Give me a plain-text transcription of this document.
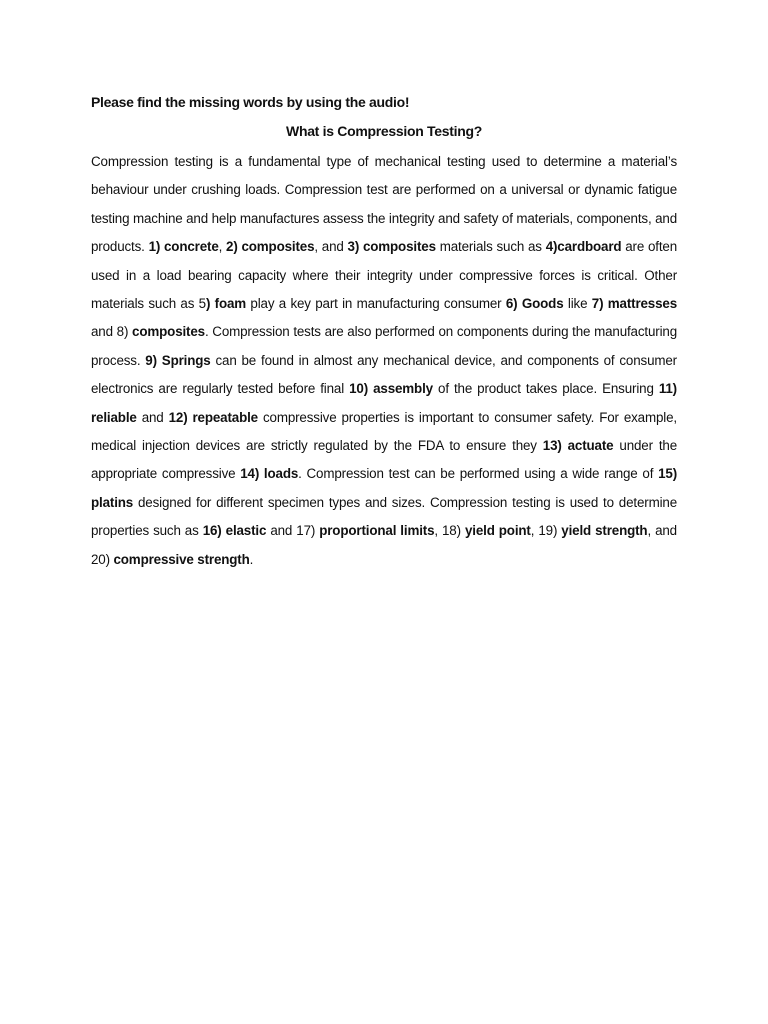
Please find the missing words by using the audio!

What is Compression Testing?

Compression testing is a fundamental type of mechanical testing used to determine a material’s behaviour under crushing loads. Compression test are performed on a universal or dynamic fatigue testing machine and help manufactures assess the integrity and safety of materials, components, and products. 1) concrete, 2) composites, and 3) composites materials such as 4)cardboard are often used in a load bearing capacity where their integrity under compressive forces is critical. Other materials such as 5) foam play a key part in manufacturing consumer 6) Goods like 7) mattresses and 8) composites. Compression tests are also performed on components during the manufacturing process. 9) Springs can be found in almost any mechanical device, and components of consumer electronics are regularly tested before final 10) assembly of the product takes place. Ensuring 11) reliable and 12) repeatable compressive properties is important to consumer safety. For example, medical injection devices are strictly regulated by the FDA to ensure they 13) actuate under the appropriate compressive 14) loads. Compression test can be performed using a wide range of 15) platins designed for different specimen types and sizes. Compression testing is used to determine properties such as 16) elastic and 17) proportional limits, 18) yield point, 19) yield strength, and 20) compressive strength.
